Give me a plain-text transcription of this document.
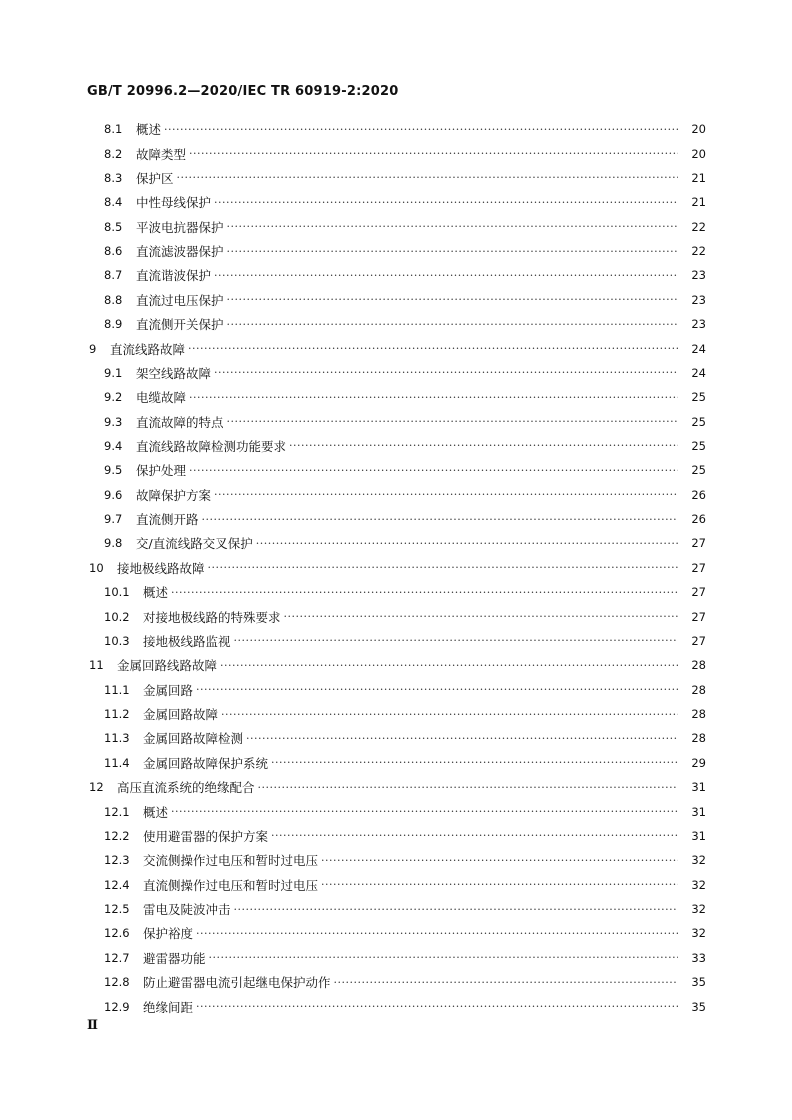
GB/T 20996.2—2020/IEC TR 60919-2:2020
8.1 概述 ·····	20
8.2 故障类型 ·····	20
8.3 保护区 ·····	21
8.4 中性母线保护 ·····	21
8.5 平波电抗器保护 ·····	22
8.6 直流滤波器保护 ·····	22
8.7 直流谐波保护 ·····	23
8.8 直流过电压保护 ·····	23
8.9 直流侧开关保护 ·····	23
9 直流线路故障 ·····	24
9.1 架空线路故障 ·····	24
9.2 电缆故障 ·····	25
9.3 直流故障的特点 ·····	25
9.4 直流线路故障检测功能要求 ·····	25
9.5 保护处理 ·····	25
9.6 故障保护方案 ·····	26
9.7 直流侧开路 ·····	26
9.8 交/直流线路交叉保护 ·····	27
10 接地极线路故障 ·····	27
10.1 概述 ·····	27
10.2 对接地极线路的特殊要求 ·····	27
10.3 接地极线路监视 ·····	27
11 金属回路线路故障 ·····	28
11.1 金属回路 ·····	28
11.2 金属回路故障 ·····	28
11.3 金属回路故障检测 ·····	28
11.4 金属回路故障保护系统 ·····	29
12 高压直流系统的绝缘配合 ·····	31
12.1 概述 ·····	31
12.2 使用避雷器的保护方案 ·····	31
12.3 交流侧操作过电压和暂时过电压 ·····	32
12.4 直流侧操作过电压和暂时过电压 ·····	32
12.5 雷电及陡波冲击 ·····	32
12.6 保护裕度 ·····	32
12.7 避雷器功能 ·····	33
12.8 防止避雷器电流引起继电保护动作 ·····	35
12.9 绝缘间距 ·····	35
Ⅱ
